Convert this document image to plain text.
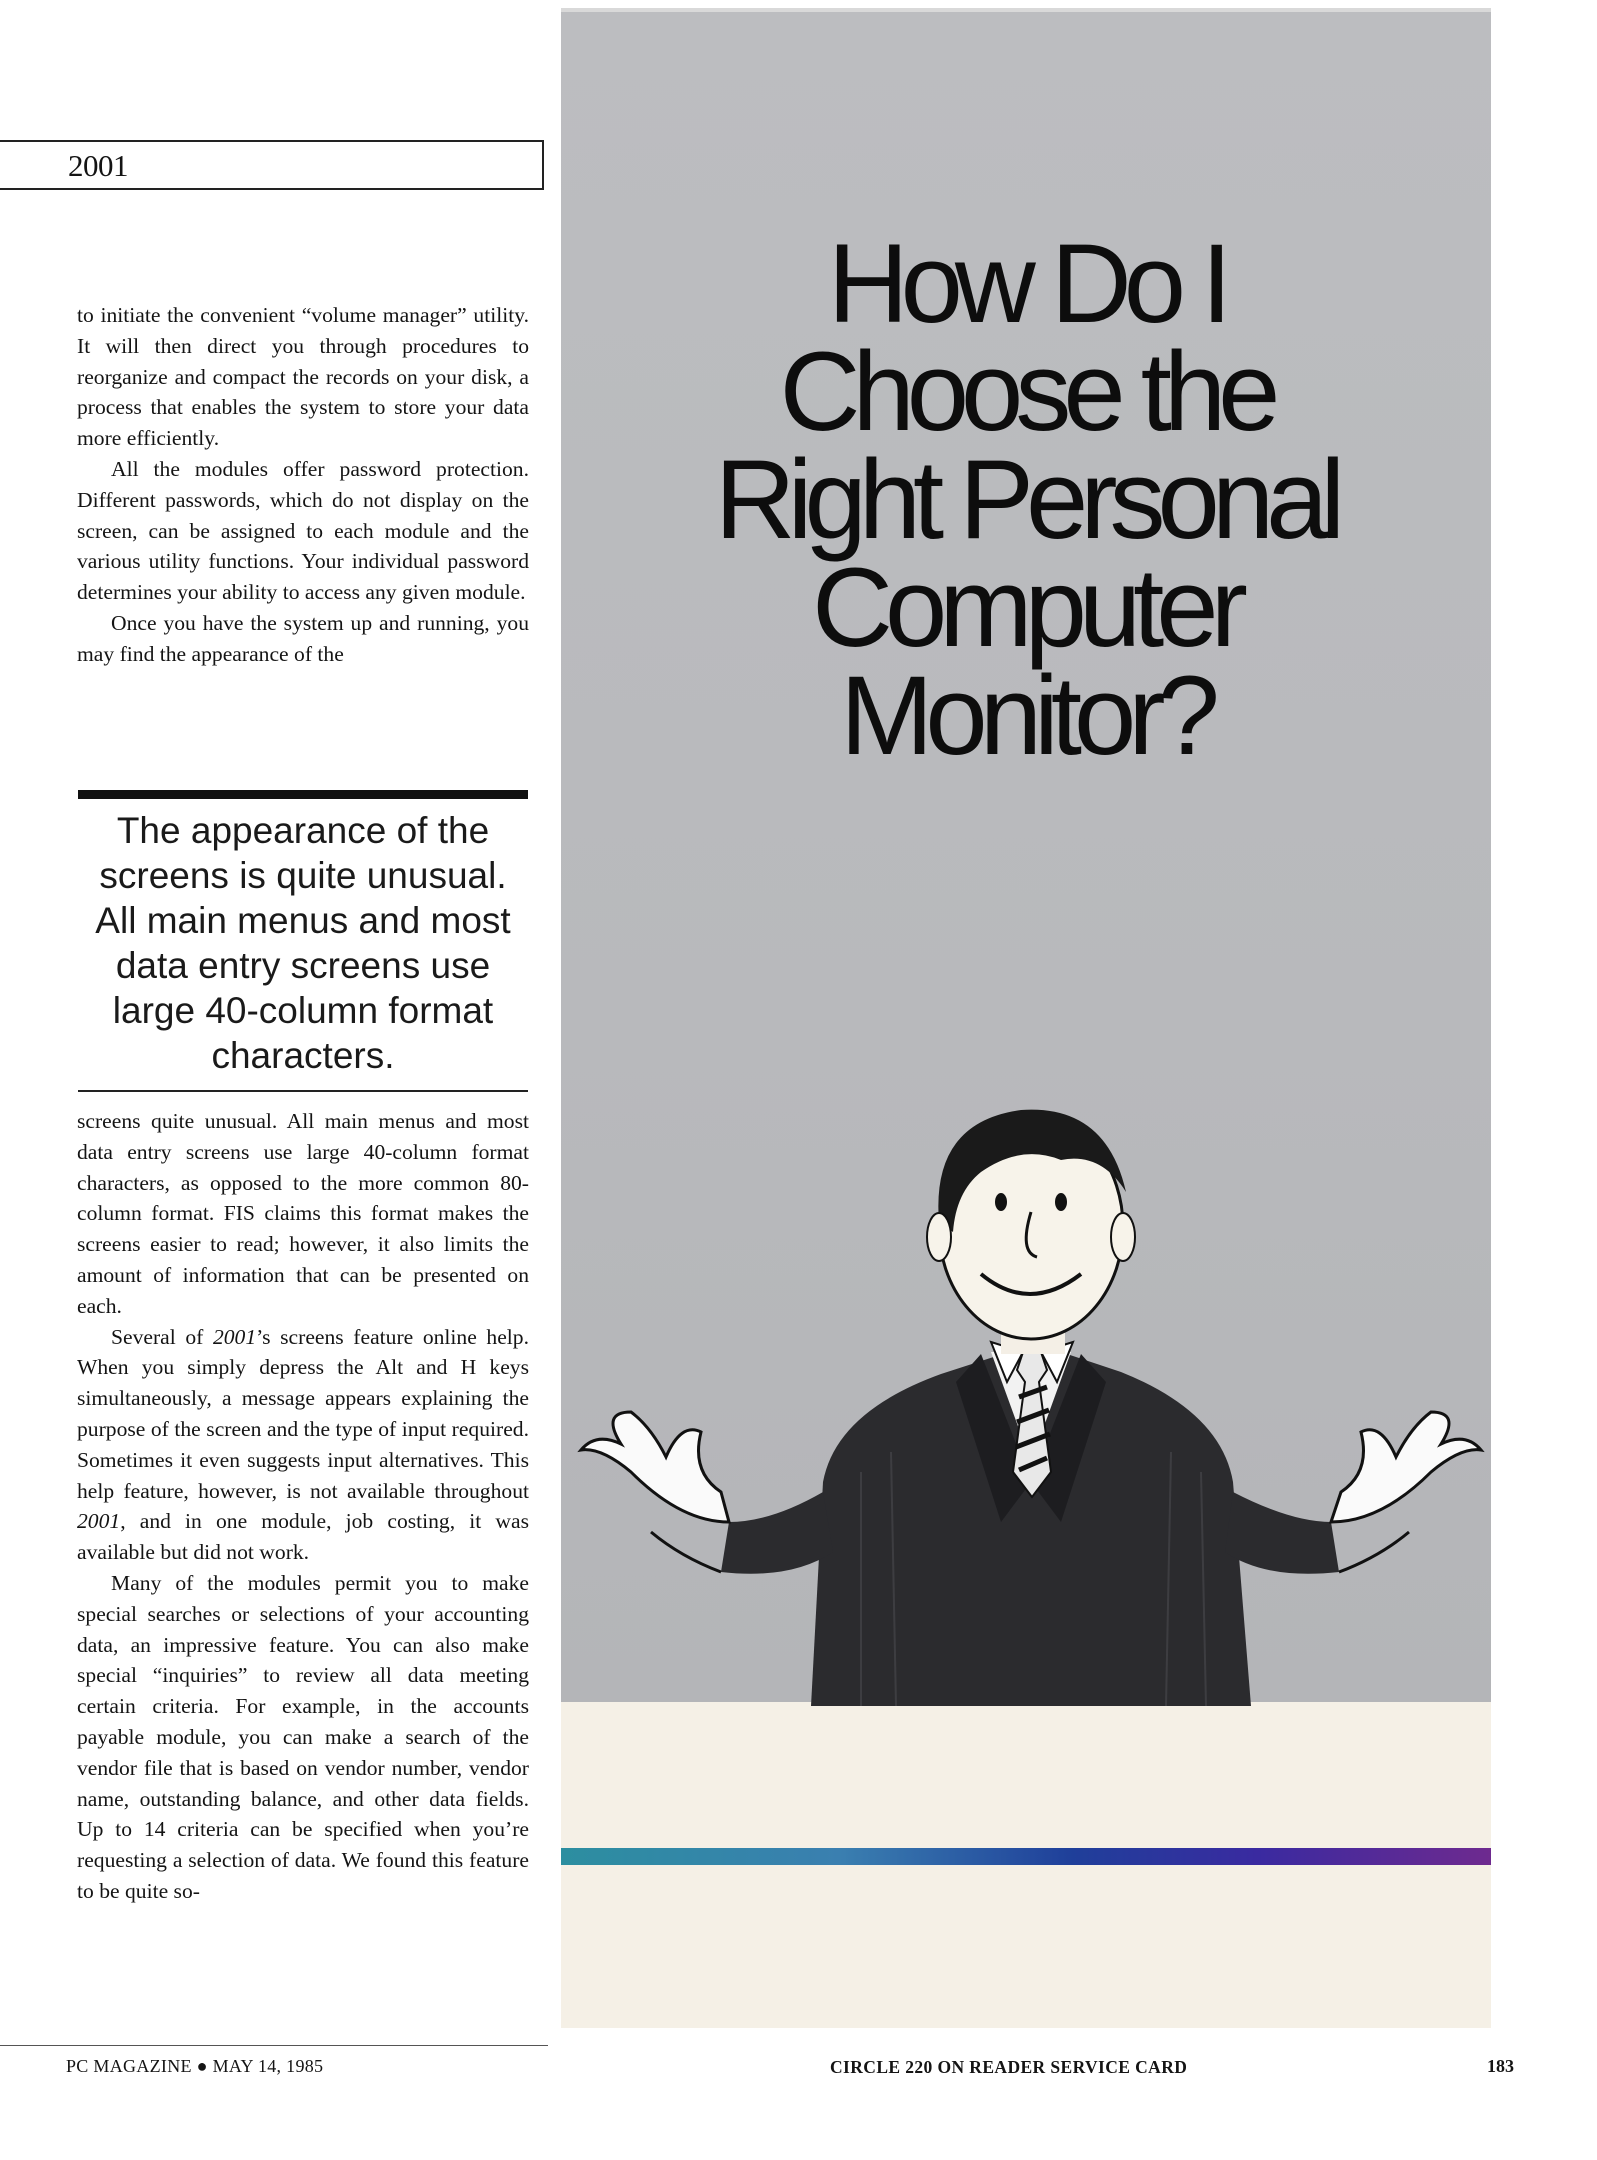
2001

to initiate the convenient “volume manager” utility. It will then direct you through procedures to reorganize and compact the records on your disk, a process that enables the system to store your data more efficiently.

All the modules offer password protection. Different passwords, which do not display on the screen, can be assigned to each module and the various utility functions. Your individual password determines your ability to access any given module.

Once you have the system up and running, you may find the appearance of the

The appearance of the screens is quite unusual. All main menus and most data entry screens use large 40-column format characters.

screens quite unusual. All main menus and most data entry screens use large 40-column format characters, as opposed to the more common 80-column format. FIS claims this format makes the screens easier to read; however, it also limits the amount of information that can be presented on each.

Several of 2001’s screens feature online help. When you simply depress the Alt and H keys simultaneously, a message appears explaining the purpose of the screen and the type of input required. Sometimes it even suggests input alternatives. This help feature, however, is not available throughout 2001, and in one module, job costing, it was available but did not work.

Many of the modules permit you to make special searches or selections of your accounting data, an impressive feature. You can also make special “inquiries” to review all data meeting certain criteria. For example, in the accounts payable module, you can make a search of the vendor file that is based on vendor number, vendor name, outstanding balance, and other data fields. Up to 14 criteria can be specified when you’re requesting a selection of data. We found this feature to be quite so-

How Do I
Choose the
Right Personal
Computer
Monitor?
PC MAGAZINE ● MAY 14, 1985	CIRCLE 220 ON READER SERVICE CARD	183
